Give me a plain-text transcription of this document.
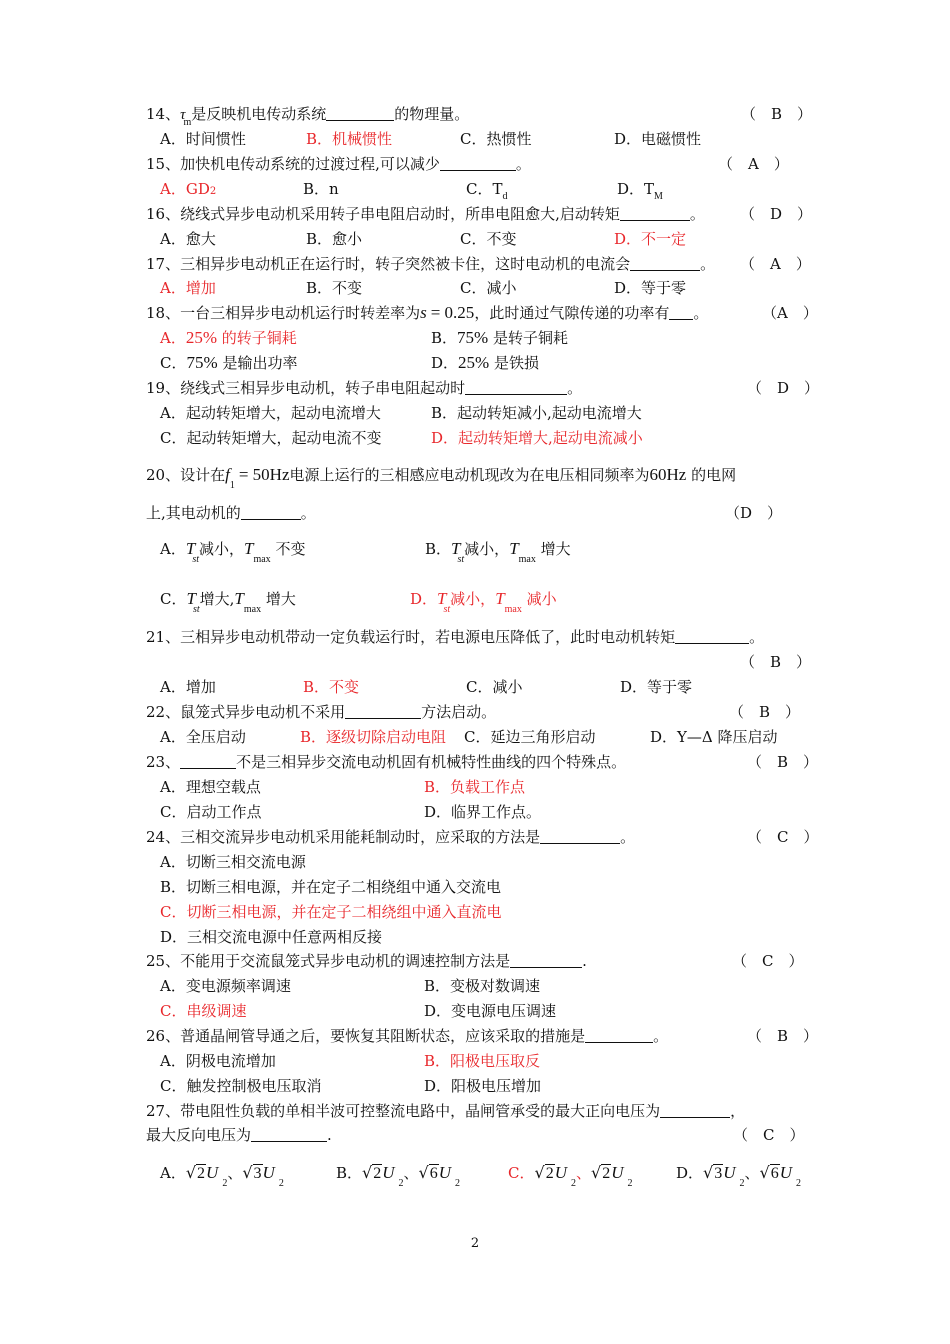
14、$\tau_m$是反映机电传动系统	的物理量。	（　B　）
A．时间惯性	B．机械惯性	C．热惯性	D．电磁惯性
15、加快机电传动系统的过渡过程,可以减少	。	（　A　）
A．GD2	B．n	C．$T_d$	D．$T_M$
16、绕线式异步电动机采用转子串电阻启动时，所串电阻愈大,启动转矩	。 （　D　）
A．愈大	B．愈小	C．不变	D．不一定
17、三相异步电动机正在运行时，转子突然被卡住，这时电动机的电流会	。 （　A　）
A．增加	B．不变	C．减小	D．等于零
18、一台三相异步电动机运行时转差率为s = 0.25，此时通过气隙传递的功率有 。	（A　）
A．25% 的转子铜耗	B．75% 是转子铜耗
C．75% 是输出功率	D．25% 是铁损
19、绕线式三相异步电动机，转子串电阻起动时	。	（　D　）
A．起动转矩增大，起动电流增大	B．起动转矩减小,起动电流增大
C．起动转矩增大，起动电流不变	D．起动转矩增大,起动电流减小
20、设计在$f_1= 50Hz$电源上运行的三相感应电动机现改为在电压相同频率为60Hz 的电网
上,其电动机的	。	（D　）
A．$T_{st}$减小，$T_{max}$ 不变	B．$T_{st}$减小，$T_{max}$ 增大
C．$T_{st}$增大$,T_{max}$ 增大	D．$T_{st}$减小，$T_{max}$ 减小
21、三相异步电动机带动一定负载运行时，若电源电压降低了，此时电动机转矩	。
（　B　）
A．增加	B．不变	C．减小	D．等于零
22、鼠笼式异步电动机不采用	方法启动。	（　B　）
A．全压启动	B．逐级切除启动电阻 C．延边三角形启动	D．Y—Δ 降压启动
23、	不是三相异步交流电动机固有机械特性曲线的四个特殊点。	（　B　）
A．理想空载点	B．负载工作点
C．启动工作点	D．临界工作点。
24、三相交流异步电动机采用能耗制动时，应采取的方法是	。	（　C　）
A．切断三相交流电源
B．切断三相电源，并在定子二相绕组中通入交流电
C．切断三相电源，并在定子二相绕组中通入直流电
D．三相交流电源中任意两相反接
25、不能用于交流鼠笼式异步电动机的调速控制方法是	.	（　C　）
A．变电源频率调速	B．变极对数调速
C．串级调速	D．变电源电压调速
26、普通晶闸管导通之后，要恢复其阻断状态，应该采取的措施是	。	（　B　）
A．阴极电流增加	B．阳极电压取反
C．触发控制极电压取消	D．阳极电压增加
27、带电阻性负载的单相半波可控整流电路中，晶闸管承受的最大正向电压为	，
最大反向电压为	.	（　C　）
A．$√2U_2$、$√3U_2$
B．$√2U_2$、$√6U_2$
C．$√2U_2$、$√2U_2$
D．$√3U_2$、$√6U_2$
2
